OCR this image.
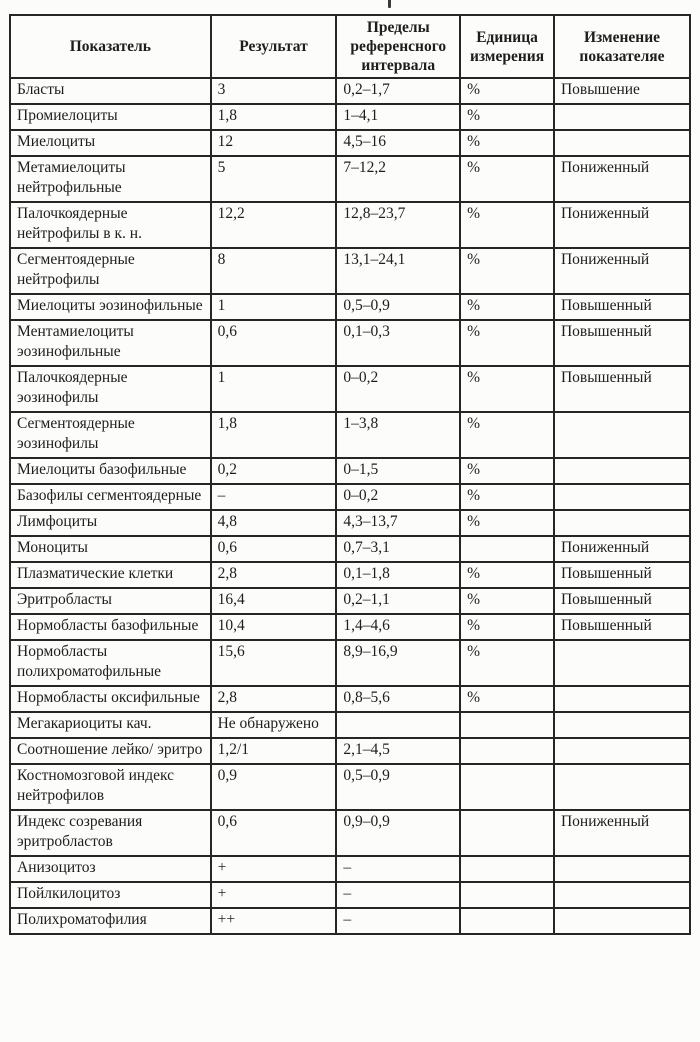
Показатель	Результат	Пределы референсного интервала	Единица измерения	Изменение показателяе
Бласты	3	0,2–1,7	%	Повышение
Промиелоциты	1,8	1–4,1	%	
Миелоциты	12	4,5–16	%	
Метамиелоциты нейтрофильные	5	7–12,2	%	Пониженный
Палочкоядерные нейтрофилы в к. н.	12,2	12,8–23,7	%	Пониженный
Сегментоядерные нейтрофилы	8	13,1–24,1	%	Пониженный
Миелоциты эозинофильные	1	0,5–0,9	%	Повышенный
Ментамиелоциты эозинофильные	0,6	0,1–0,3	%	Повышенный
Палочкоядерные эозинофилы	1	0–0,2	%	Повышенный
Сегментоядерные эозинофилы	1,8	1–3,8	%	
Миелоциты базофильные	0,2	0–1,5	%	
Базофилы сегментоядерные	–	0–0,2	%	
Лимфоциты	4,8	4,3–13,7	%	
Моноциты	0,6	0,7–3,1		Пониженный
Плазматические клетки	2,8	0,1–1,8	%	Повышенный
Эритробласты	16,4	0,2–1,1	%	Повышенный
Нормобласты базофильные	10,4	1,4–4,6	%	Повышенный
Нормобласты полихроматофильные	15,6	8,9–16,9	%	
Нормобласты оксифильные	2,8	0,8–5,6	%	
Мегакариоциты кач.	Не обнаружено			
Соотношение лейко/ эритро	1,2/1	2,1–4,5		
Костномозговой индекс нейтрофилов	0,9	0,5–0,9		
Индекс созревания эритробластов	0,6	0,9–0,9		Пониженный
Анизоцитоз	+	–		
Пойлкилоцитоз	+	–		
Полихроматофилия	++	–		
